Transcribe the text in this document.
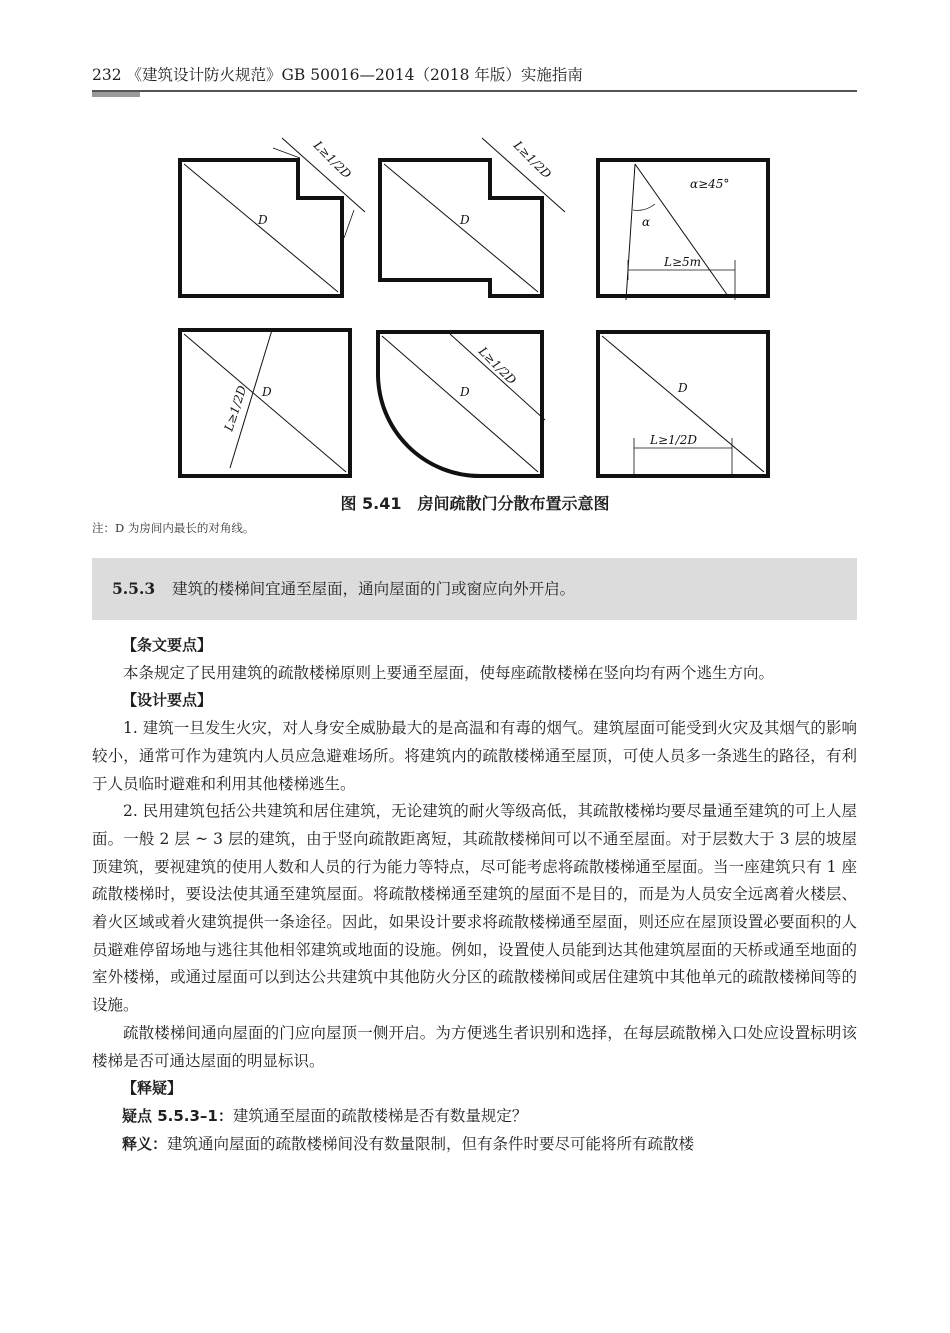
232 《建筑设计防火规范》GB 50016—2014（2018 年版）实施指南
D
L≥1/2D
D
L≥1/2D
α≥45°
α
L≥5m
L≥1/2D D	D
L≥1/2D
D
L≥1/2D
图 5.41　房间疏散门分散布置示意图
注：D 为房间内最长的对角线。
5.5.3 建筑的楼梯间宜通至屋面，通向屋面的门或窗应向外开启。

【条文要点】

本条规定了民用建筑的疏散楼梯原则上要通至屋面，使每座疏散楼梯在竖向均有两个逃生方向。

【设计要点】

1. 建筑一旦发生火灾，对人身安全威胁最大的是高温和有毒的烟气。建筑屋面可能受到火灾及其烟气的影响较小，通常可作为建筑内人员应急避难场所。将建筑内的疏散楼梯通至屋顶，可使人员多一条逃生的路径，有利于人员临时避难和利用其他楼梯逃生。

2. 民用建筑包括公共建筑和居住建筑，无论建筑的耐火等级高低，其疏散楼梯均要尽量通至建筑的可上人屋面。一般 2 层 ~ 3 层的建筑，由于竖向疏散距离短，其疏散楼梯间可以不通至屋面。对于层数大于 3 层的坡屋顶建筑，要视建筑的使用人数和人员的行为能力等特点，尽可能考虑将疏散楼梯通至屋面。当一座建筑只有 1 座疏散楼梯时，要设法使其通至建筑屋面。将疏散楼梯通至建筑的屋面不是目的，而是为人员安全远离着火楼层、着火区域或着火建筑提供一条途径。因此，如果设计要求将疏散楼梯通至屋面，则还应在屋顶设置必要面积的人员避难停留场地与逃往其他相邻建筑或地面的设施。例如，设置使人员能到达其他建筑屋面的天桥或通至地面的室外楼梯，或通过屋面可以到达公共建筑中其他防火分区的疏散楼梯间或居住建筑中其他单元的疏散楼梯间等的设施。

疏散楼梯间通向屋面的门应向屋顶一侧开启。为方便逃生者识别和选择，在每层疏散梯入口处应设置标明该楼梯是否可通达屋面的明显标识。

【释疑】

疑点 5.5.3–1：建筑通至屋面的疏散楼梯是否有数量规定？

释义：建筑通向屋面的疏散楼梯间没有数量限制，但有条件时要尽可能将所有疏散楼
